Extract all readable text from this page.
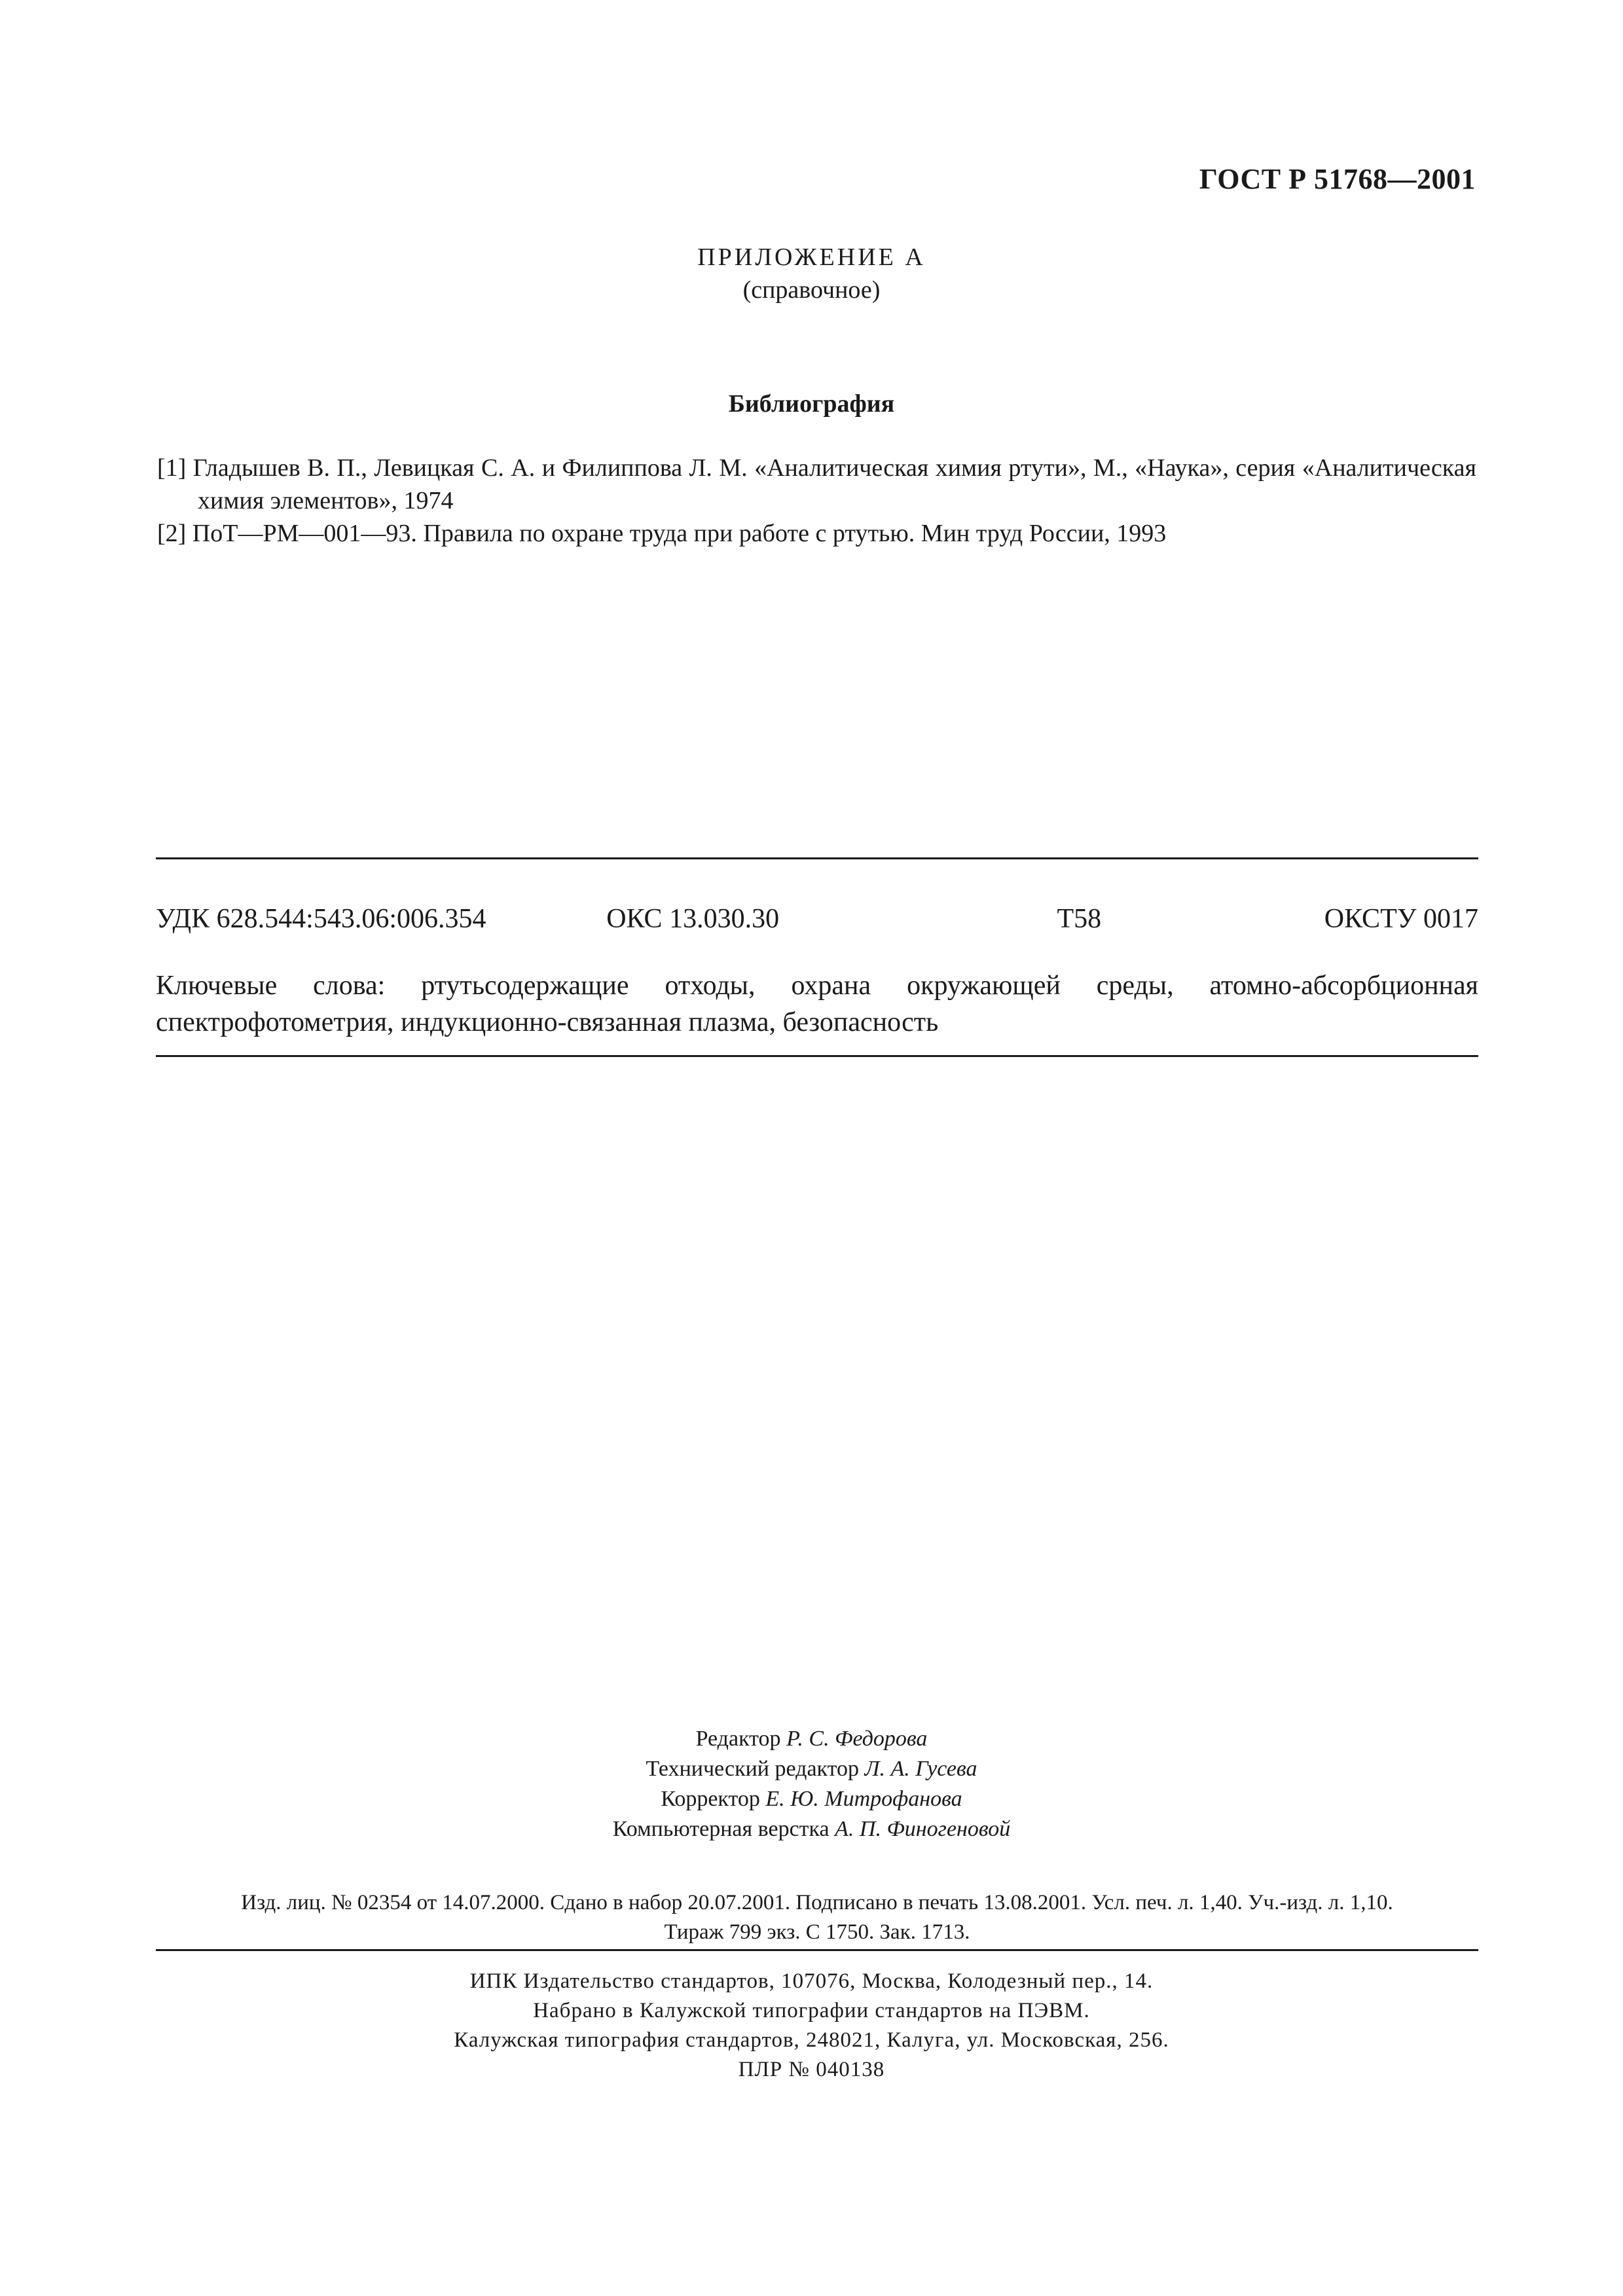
ГОСТ Р 51768—2001
ПРИЛОЖЕНИЕ А
(справочное)
Библиография
[1] Гладышев В. П., Левицкая С. А. и Филиппова Л. М. «Аналитическая химия ртути», М., «Наука», серия «Аналитическая химия элементов», 1974
[2] ПоТ—РМ—001—93. Правила по охране труда при работе с ртутью. Мин труд России, 1993
УДК 628.544:543.06:006.354	ОКС 13.030.30	Т58	ОКСТУ 0017
Ключевые слова: ртутьсодержащие отходы, охрана окружающей среды, атомно-абсорбционная спектрофотометрия, индукционно-связанная плазма, безопасность
Редактор Р. С. Федорова
Технический редактор Л. А. Гусева
Корректор Е. Ю. Митрофанова
Компьютерная верстка А. П. Финогеновой
Изд. лиц. № 02354 от 14.07.2000. Сдано в набор 20.07.2001. Подписано в печать 13.08.2001. Усл. печ. л. 1,40. Уч.-изд. л. 1,10.
Тираж 799 экз. С 1750. Зак. 1713.
ИПК Издательство стандартов, 107076, Москва, Колодезный пер., 14.
Набрано в Калужской типографии стандартов на ПЭВМ.
Калужская типография стандартов, 248021, Калуга, ул. Московская, 256.
ПЛР № 040138
